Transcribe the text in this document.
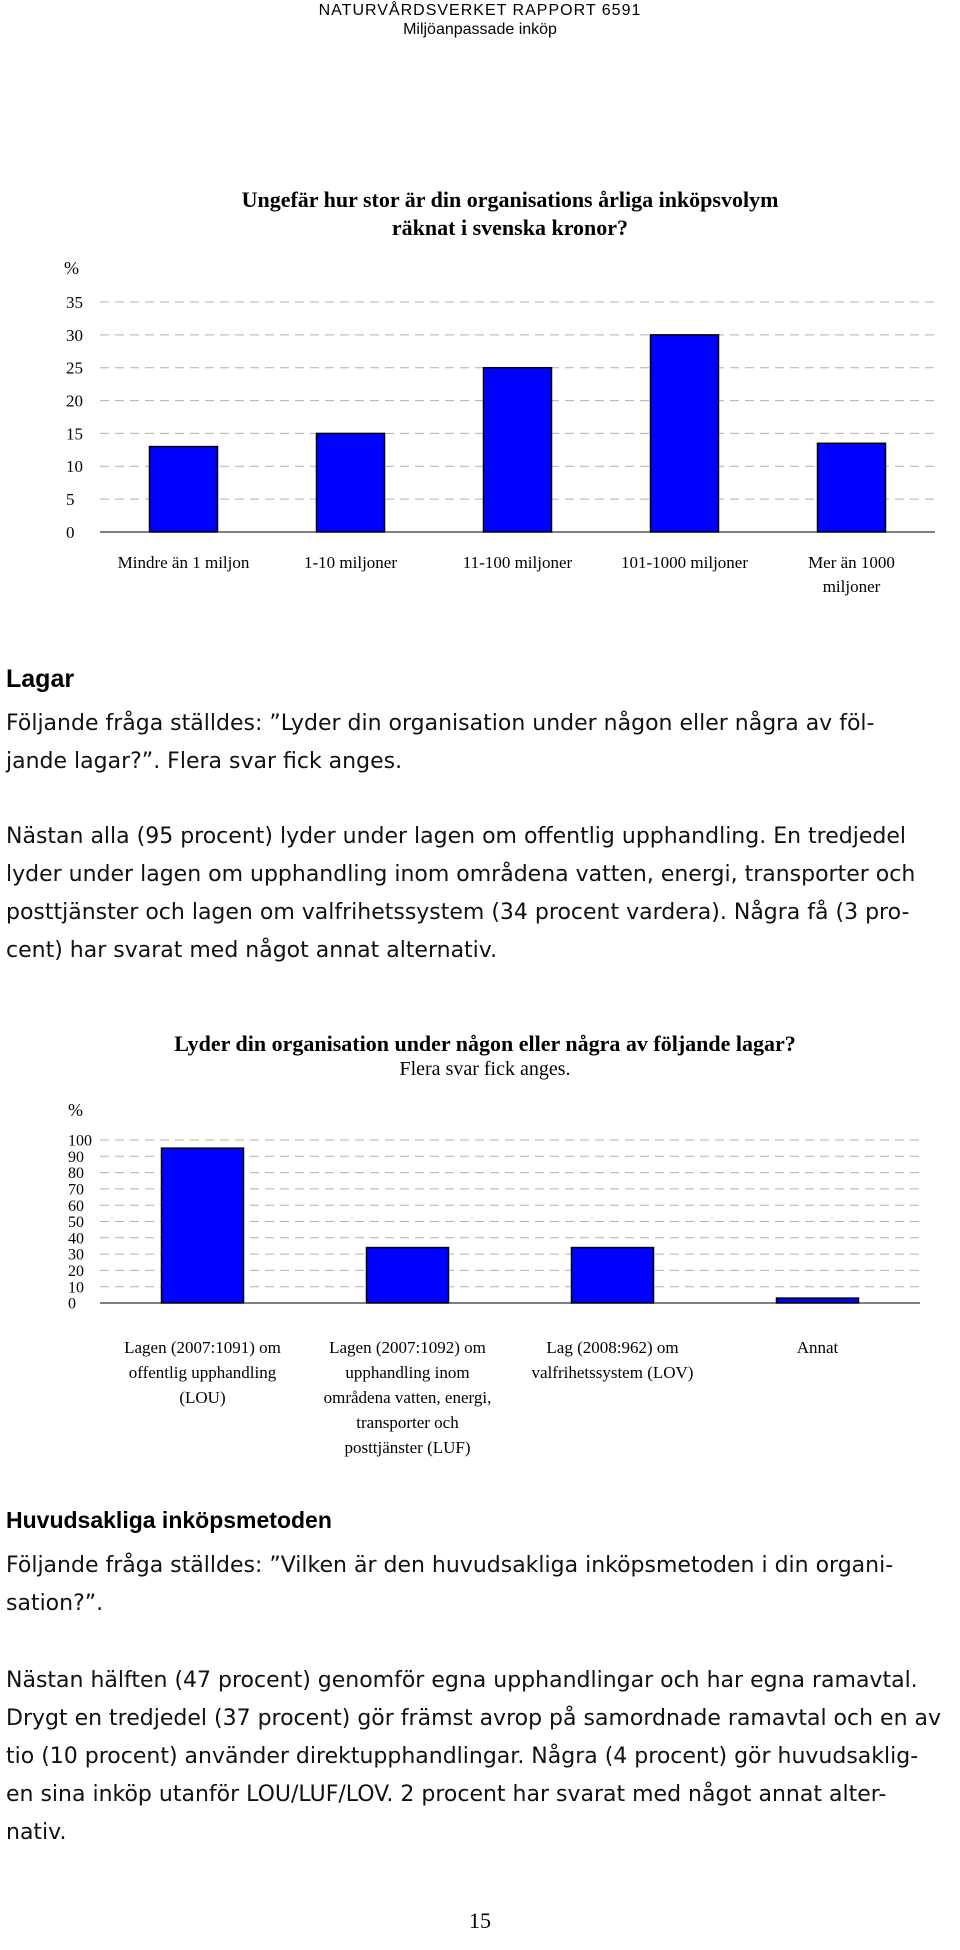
NATURVÅRDSVERKET RAPPORT 6591
Miljöanpassade inköp
Ungefär hur stor är din organisations årliga inköpsvolym
räknat i svenska kronor?
%
0
5
10
15
20
25
30
35
Mindre än 1 miljon	1-10 miljoner	11-100 miljoner	101-1000 miljoner	Mer än 1000
miljoner
Lagar
Följande fråga ställdes: ”Lyder din organisation under någon eller några av föl-
jande lagar?”. Flera svar fick anges.
Nästan alla (95 procent) lyder under lagen om offentlig upphandling. En tredjedel
lyder under lagen om upphandling inom områdena vatten, energi, transporter och
posttjänster och lagen om valfrihetssystem (34 procent vardera). Några få (3 pro-
cent) har svarat med något annat alternativ.
Lyder din organisation under någon eller några av följande lagar?
Flera svar fick anges.
%
0
10
20
30
40
50
60
70
80
90
100
Lagen (2007:1091) om
offentlig upphandling
(LOU)
Lagen (2007:1092) om
upphandling inom
områdena vatten, energi,
transporter och
posttjänster (LUF)
Lag (2008:962) om
valfrihetssystem (LOV)
Annat
Huvudsakliga inköpsmetoden
Följande fråga ställdes: ”Vilken är den huvudsakliga inköpsmetoden i din organi-
sation?”.
Nästan hälften (47 procent) genomför egna upphandlingar och har egna ramavtal.
Drygt en tredjedel (37 procent) gör främst avrop på samordnade ramavtal och en av
tio (10 procent) använder direktupphandlingar. Några (4 procent) gör huvudsaklig-
en sina inköp utanför LOU/LUF/LOV. 2 procent har svarat med något annat alter-
nativ.
15
